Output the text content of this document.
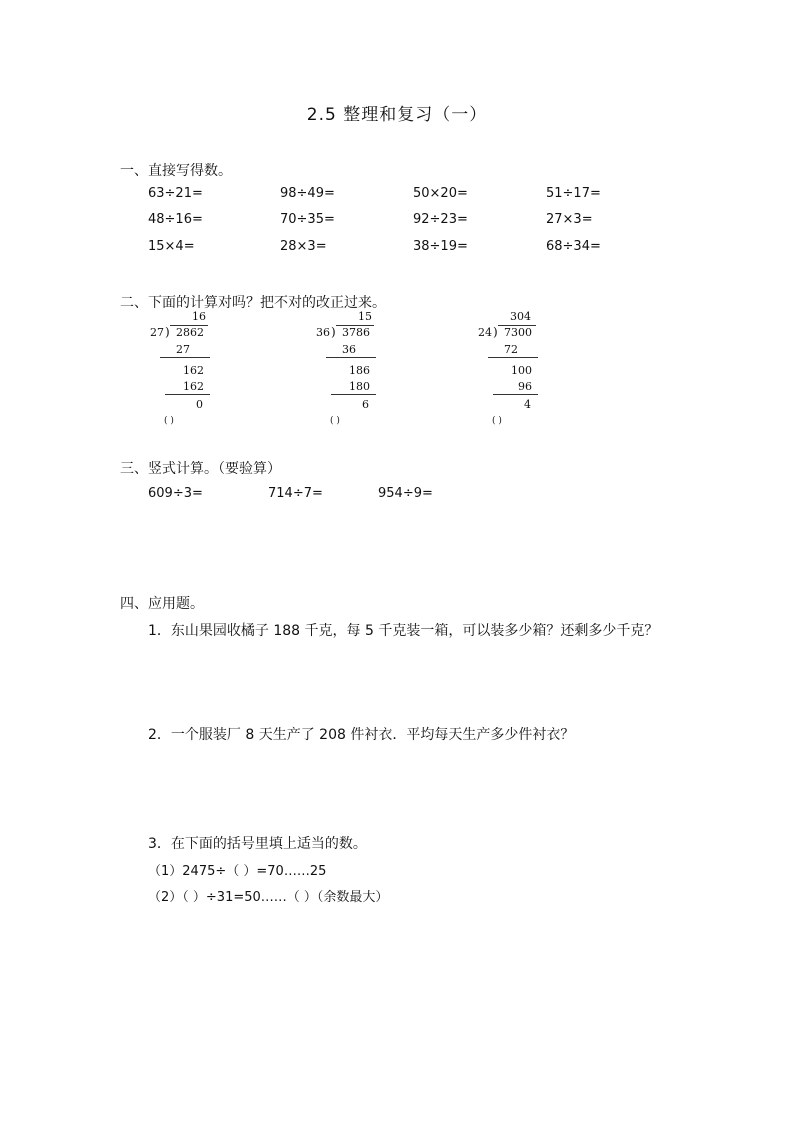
2.5 整理和复习（一）
一、直接写得数。
63÷21=	98÷49=	50×20=	51÷17=
48÷16=	70÷35=	92÷23=	27×3=
15×4=	28×3=	38÷19=	68÷34=
二、下面的计算对吗？把不对的改正过来。
16
27 ) 2862
27
162
162
0
( )
15
36 ) 3786
36
186
180
6
( )
304
24 ) 7300
72
100
96
4
( )
三、竖式计算。（要验算）
609÷3=	714÷7=	954÷9=
四、应用题。
1．东山果园收橘子 188 千克，每 5 千克装一箱，可以装多少箱？还剩多少千克？
2．一个服装厂 8 天生产了 208 件衬衣．平均每天生产多少件衬衣？
3．在下面的括号里填上适当的数。
（1）2475÷（ ）=70……25
（2）（ ）÷31=50……（ ）（余数最大）
